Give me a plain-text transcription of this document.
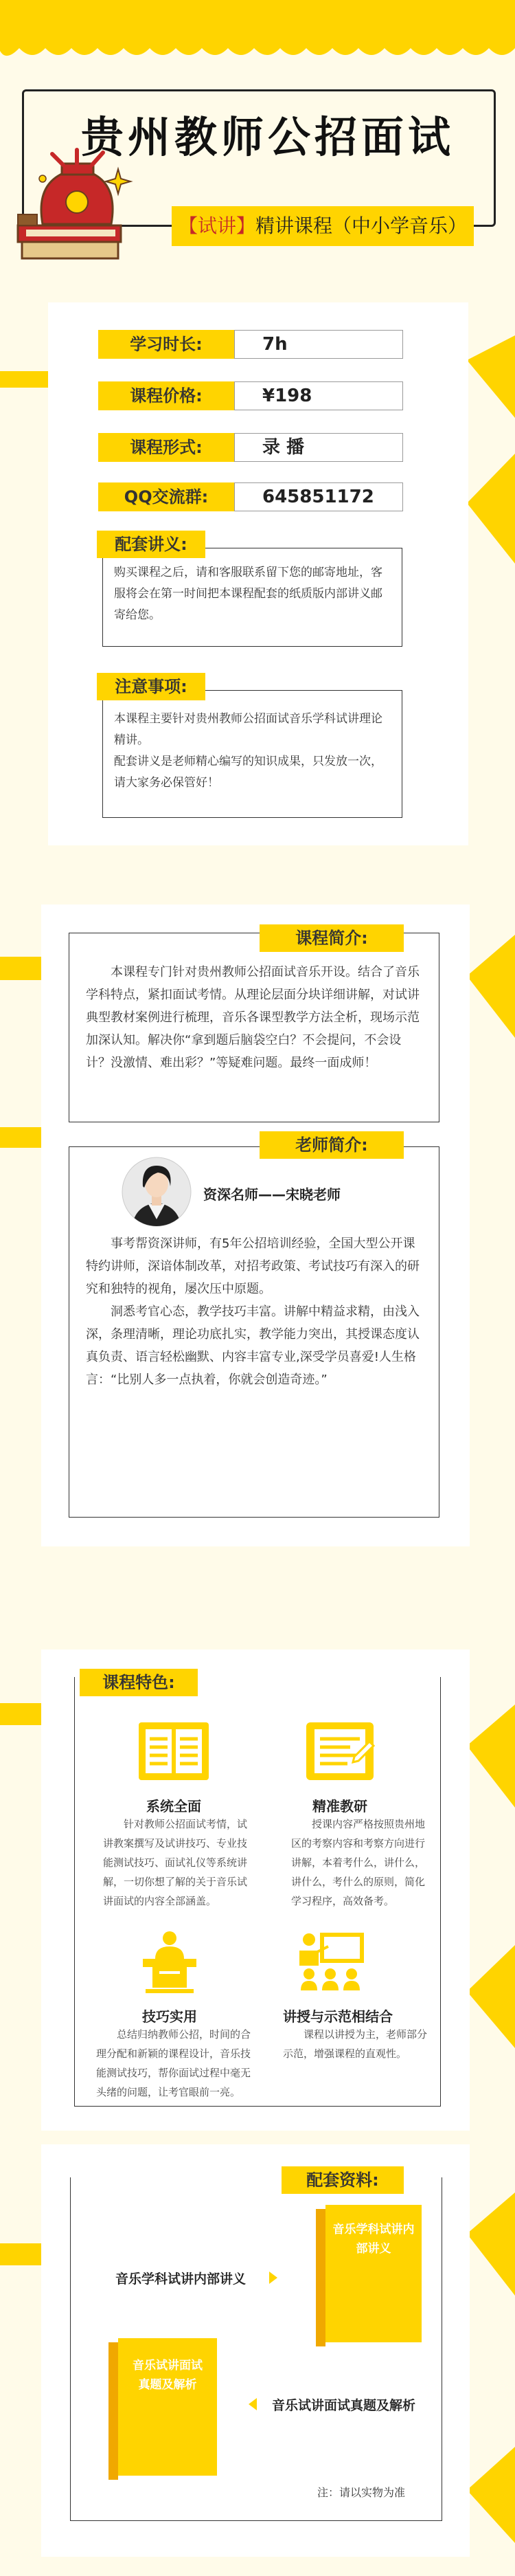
贵州教师公招面试
【试讲】精讲课程（中小学音乐）
学习时长:	7h
课程价格:	¥198
课程形式:	录 播
QQ交流群:	645851172
购买课程之后，请和客服联系留下您的邮寄地址，客服将会在第一时间把本课程配套的纸质版内部讲义邮寄给您。
配套讲义:
本课程主要针对贵州教师公招面试音乐学科试讲理论精讲。
配套讲义是老师精心编写的知识成果，只发放一次，请大家务必保管好！
注意事项:
本课程专门针对贵州教师公招面试音乐开设。结合了音乐学科特点，紧扣面试考情。从理论层面分块详细讲解，对试讲典型教材案例进行梳理，音乐各课型教学方法全析，现场示范加深认知。解决你“拿到题后脑袋空白？不会提问，不会设计？没激情、难出彩？”等疑难问题。最终一面成师！
课程简介:
事考帮资深讲师，有5年公招培训经验，全国大型公开课特约讲师，深谙体制改革，对招考政策、考试技巧有深入的研究和独特的视角，屡次压中原题。
洞悉考官心态，教学技巧丰富。讲解中精益求精，由浅入深，条理清晰，理论功底扎实，教学能力突出，其授课态度认真负责、语言轻松幽默、内容丰富专业,深受学员喜爱!人生格言：“比别人多一点执着，你就会创造奇迹。”
老师简介:
资深名师——宋晓老师
课程特色:
系统全面
针对教师公招面试考情，试讲教案撰写及试讲技巧、专业技能测试技巧、面试礼仪等系统讲解，一切你想了解的关于音乐试讲面试的内容全部涵盖。
精准教研
授课内容严格按照贵州地区的考察内容和考察方向进行讲解，本着考什么，讲什么，讲什么，考什么的原则，简化学习程序，高效备考。
技巧实用
总结归纳教师公招，时间的合理分配和新颖的课程设计，音乐技能测试技巧，帮你面试过程中毫无头绪的问题，让考官眼前一亮。
讲授与示范相结合
课程以讲授为主，老师部分示范，增强课程的直观性。
配套资料:
音乐学科试讲内部讲义
音乐学科试讲内部讲义
音乐试讲面试真题及解析
音乐试讲面试真题及解析
注：请以实物为准
